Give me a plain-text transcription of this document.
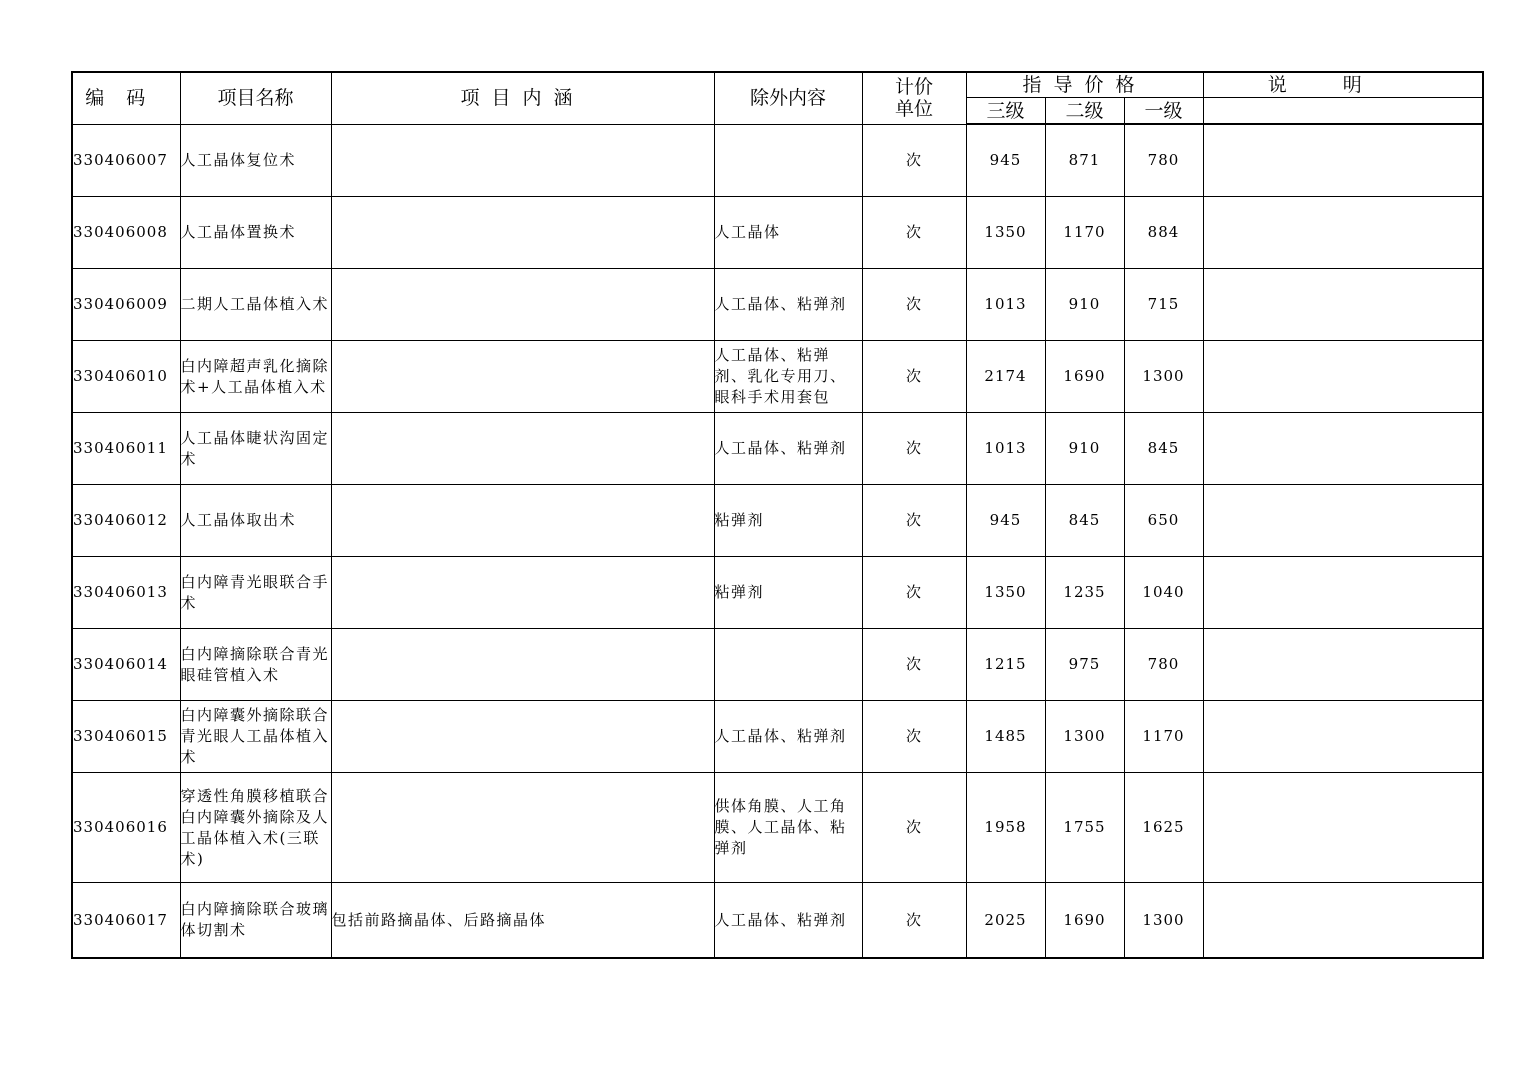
编码	项目名称	项目内涵	除外内容	计价单位	指导价格			说明
					三级	二级	一级	
330406007	人工晶体复位术			次	945	871	780	
330406008	人工晶体置换术		人工晶体	次	1350	1170	884	
330406009	二期人工晶体植入术		人工晶体、粘弹剂	次	1013	910	715	
330406010	白内障超声乳化摘除术+人工晶体植入术		人工晶体、粘弹剂、乳化专用刀、眼科手术用套包	次	2174	1690	1300	
330406011	人工晶体睫状沟固定术		人工晶体、粘弹剂	次	1013	910	845	
330406012	人工晶体取出术		粘弹剂	次	945	845	650	
330406013	白内障青光眼联合手术		粘弹剂	次	1350	1235	1040	
330406014	白内障摘除联合青光眼硅管植入术			次	1215	975	780	
330406015	白内障囊外摘除联合青光眼人工晶体植入术		人工晶体、粘弹剂	次	1485	1300	1170	
330406016	穿透性角膜移植联合白内障囊外摘除及人工晶体植入术(三联术)		供体角膜、人工角膜、人工晶体、粘弹剂	次	1958	1755	1625	
330406017	白内障摘除联合玻璃体切割术	包括前路摘晶体、后路摘晶体	人工晶体、粘弹剂	次	2025	1690	1300	
